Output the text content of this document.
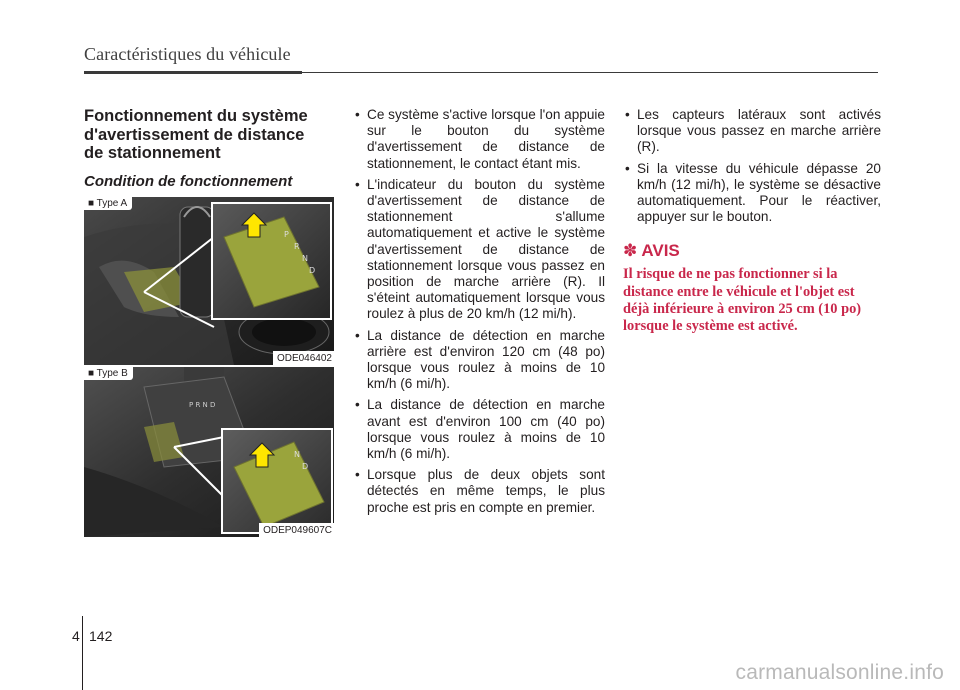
Caractéristiques du véhicule
Fonctionnement du système
d'avertissement de distance
de stationnement
Condition de fonctionnement
P
R
N
D
■ Type A
ODE046402
P R N D
N
D
■ Type B
ODEP049607C
• Ce système s'active lorsque l'on appuie sur le bouton du système d'avertissement de distance de stationnement, le contact étant mis.
• L'indicateur du bouton du système d'avertissement de distance de stationnement s'allume automatiquement et active le système d'avertissement de distance de stationnement lorsque vous passez en position de marche arrière (R). Il s'éteint automatiquement lorsque vous roulez à plus de 20 km/h (12 mi/h).
• La distance de détection en marche arrière est d'environ 120 cm (48 po) lorsque vous roulez à moins de 10 km/h (6 mi/h).
• La distance de détection en marche avant est d'environ 100 cm (40 po) lorsque vous roulez à moins de 10 km/h (6 mi/h).
• Lorsque plus de deux objets sont détectés en même temps, le plus proche est pris en compte en premier.
• Les capteurs latéraux sont activés lorsque vous passez en marche arrière (R).
• Si la vitesse du véhicule dépasse 20 km/h (12 mi/h), le système se désactive automatiquement. Pour le réactiver, appuyer sur le bouton.
✽ AVIS

Il risque de ne pas fonctionner si la distance entre le véhicule et l'objet est déjà inférieure à environ 25 cm (10 po) lorsque le système est activé.

4 142
carmanualsonline.info
